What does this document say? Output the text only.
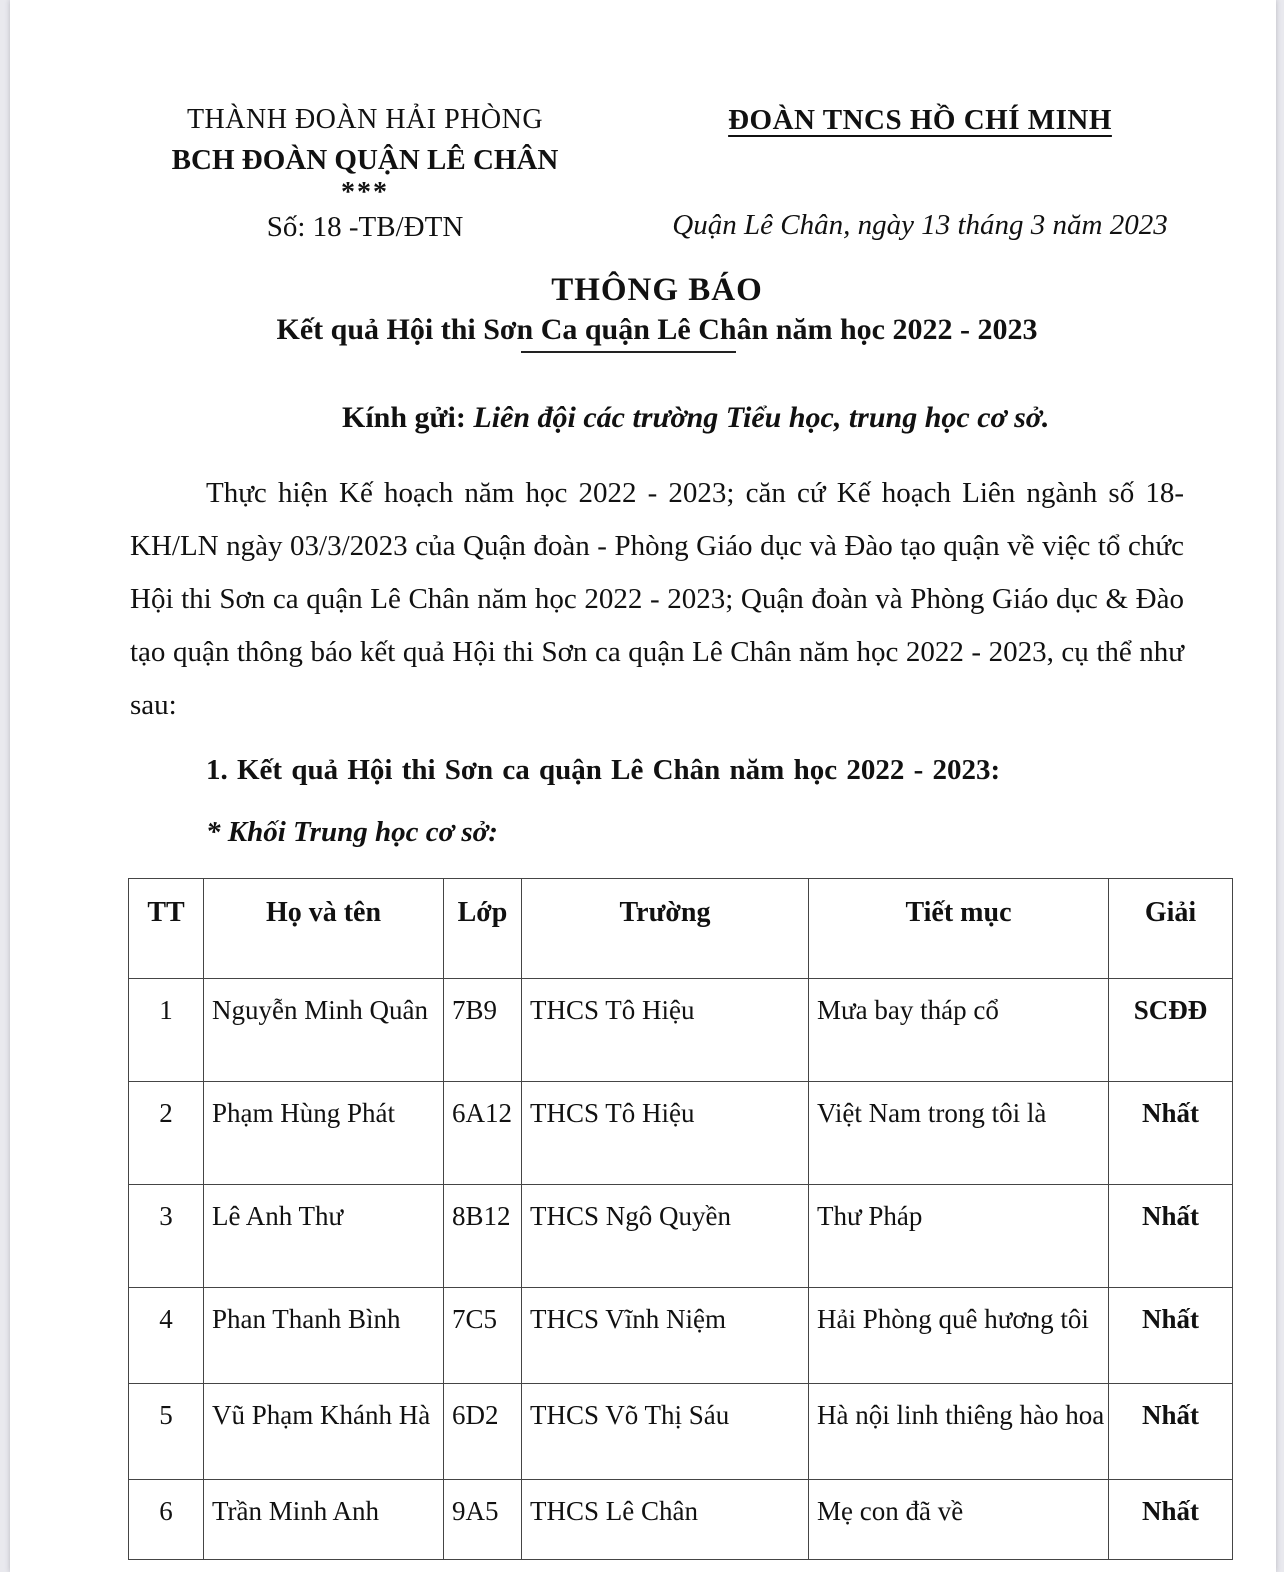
THÀNH ĐOÀN HẢI PHÒNG
BCH ĐOÀN QUẬN LÊ CHÂN
***
Số: 18 -TB/ĐTN
ĐOÀN TNCS HỒ CHÍ MINH
Quận Lê Chân, ngày 13 tháng 3 năm 2023
THÔNG BÁO
Kết quả Hội thi Sơn Ca quận Lê Chân năm học 2022 - 2023
Kính gửi: Liên đội các trường Tiểu học, trung học cơ sở.

Thực hiện Kế hoạch năm học 2022 - 2023; căn cứ Kế hoạch Liên ngành số 18-KH/LN ngày 03/3/2023 của Quận đoàn - Phòng Giáo dục và Đào tạo quận về việc tổ chức Hội thi Sơn ca quận Lê Chân năm học 2022 - 2023; Quận đoàn và Phòng Giáo dục & Đào tạo quận thông báo kết quả Hội thi Sơn ca quận Lê Chân năm học 2022 - 2023, cụ thể như sau:

1. Kết quả Hội thi Sơn ca quận Lê Chân năm học 2022 - 2023:
* Khối Trung học cơ sở:
TT	Họ và tên	Lớp	Trường	Tiết mục	Giải
1	Nguyễn Minh Quân	7B9	THCS Tô Hiệu	Mưa bay tháp cổ	SCĐĐ
2	Phạm Hùng Phát	6A12	THCS Tô Hiệu	Việt Nam trong tôi là	Nhất
3	Lê Anh Thư	8B12	THCS Ngô Quyền	Thư Pháp	Nhất
4	Phan Thanh Bình	7C5	THCS Vĩnh Niệm	Hải Phòng quê hương tôi	Nhất
5	Vũ Phạm Khánh Hà	6D2	THCS Võ Thị Sáu	Hà nội linh thiêng hào hoa	Nhất
6	Trần Minh Anh	9A5	THCS Lê Chân	Mẹ con đã về	Nhất
